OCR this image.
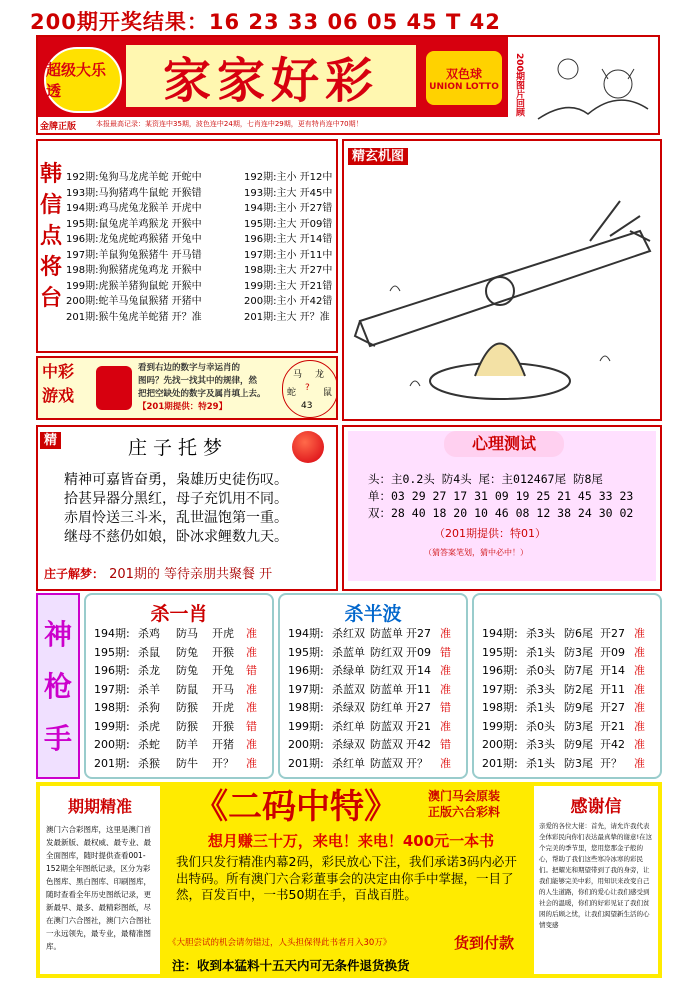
200期开奖结果：16 23 33 06 05 45 T 42
超级大乐透	家家好彩	双色球
UNION LOTTO	200期图片回顾
金牌正版	本报最高记录：某资连中35期，波色连中24期，七肖连中29期，更有特肖连中70期！
韩
信
点
将
台
192期:兔狗马龙虎羊蛇 开蛇中	192期:主小 开12中
193期:马狗猪鸡牛鼠蛇 开猴错	193期:主大 开45中
194期:鸡马虎兔龙猴羊 开虎中	194期:主小 开27错
195期:鼠兔虎羊鸡猴龙 开猴中	195期:主大 开09错
196期:龙兔虎蛇鸡猴猪 开兔中	196期:主大 开14错
197期:羊鼠狗兔猴猪牛 开马错	197期:主小 开11中
198期:狗猴猪虎兔鸡龙 开猴中	198期:主大 开27中
199期:虎猴羊猪狗鼠蛇 开猴中	199期:主大 开21错
200期:蛇羊马兔鼠猴猪 开猪中	200期:主小 开42错
201期:猴牛兔虎羊蛇猪 开？准	201期:主大 开？准
精玄机图
中彩
游戏
看到右边的数字与幸运肖的
图吗？先找一找其中的规律，然
把把空缺处的数字及属肖填上去。
【201期提供：特29】
马 龙
蛇	鼠
?
43
精	庄子托梦
精神可嘉皆奋勇，枭雄历史徒伤叹。
拾甚异器分黑红，母子充饥用不同。
赤眉怜送三斗米，乱世温饱第一重。
继母不慈仍如娘，卧冰求鲤数九天。
庄子解梦： 201期的 等待亲朋共聚餐 开
心理测试
头：主0.2头 防4头 尾：主012467尾 防8尾
单：03 29 27 17 31 09 19 25 21 45 33 23
双：28 40 18 20 10 46 08 12 38 24 30 02
（201期提供：特01）
（猜答案笔划，猜中必中！）
神
枪
手
杀一肖
194期: 杀鸡	防马	开虎	准
195期: 杀鼠	防兔	开猴	准
196期: 杀龙	防兔	开兔	错
197期: 杀羊	防鼠	开马	准
198期: 杀狗	防猴	开虎	准
199期: 杀虎	防猴	开猴	错
200期: 杀蛇	防羊	开猪	准
201期: 杀猴	防牛	开？	准
杀半波
194期: 杀红双 防蓝单 开27 准
195期: 杀蓝单 防红双 开09 错
196期: 杀绿单 防红双 开14 准
197期: 杀蓝双 防蓝单 开11 准
198期: 杀绿双 防红单 开27 错
199期: 杀红单 防蓝双 开21 准
200期: 杀绿双 防蓝双 开42 错
201期: 杀红单 防蓝双 开？	准
194期: 杀3头 防6尾 开27 准
195期: 杀1头 防3尾 开09 准
196期: 杀0头 防7尾 开14 准
197期: 杀3头 防2尾 开11 准
198期: 杀1头 防9尾 开27 准
199期: 杀0头 防3尾 开21 准
200期: 杀3头 防9尾 开42 准
201期: 杀1头 防3尾 开？	准
期期精准
澳门六合彩图库，这里是澳门首发最新版、最权威、最专业、最全面图库，随时提供查看001-152期全年图纸记录，区分为彩色图库、黑白图库、印刷图库，随时查看全年历史图纸记录，更新最早、最多、最精彩图纸，尽在澳门六合图社，澳门六合图社一永远领先，最专业，最精准图库。
《二码中特》	澳门马会原装
正版六合彩料
想月赚三十万，来电！来电！400元一本书
我们只发行精准内幕2码，彩民放心下注，我们承诺3码内必开出特码。所有澳门六合彩董事会的决定由你手中掌握，一目了然，百发百中，一书50期在手，百战百胜。
《大胆尝试的机会请勿错过，人头担保得此书者月入30万》	货到付款
注：收到本猛料十五天内可无条件退货换货
感谢信
亲爱的各位大佬：首先，请允许我代表全体彩民向你们表达最真挚的谢意!在这个完美的季节里，您用您那金子般的心，帮助了我们这些寒冷冰寒的彩民们。把耀光和期望带到了我的身旁，让我们能够完美中彩，用知识来改变自己的人生道路，你们的爱心让我们感受到社会的温暖，你们的好彩见证了我们贫困的后顾之忧，让我们渴望新生活的心情变感
